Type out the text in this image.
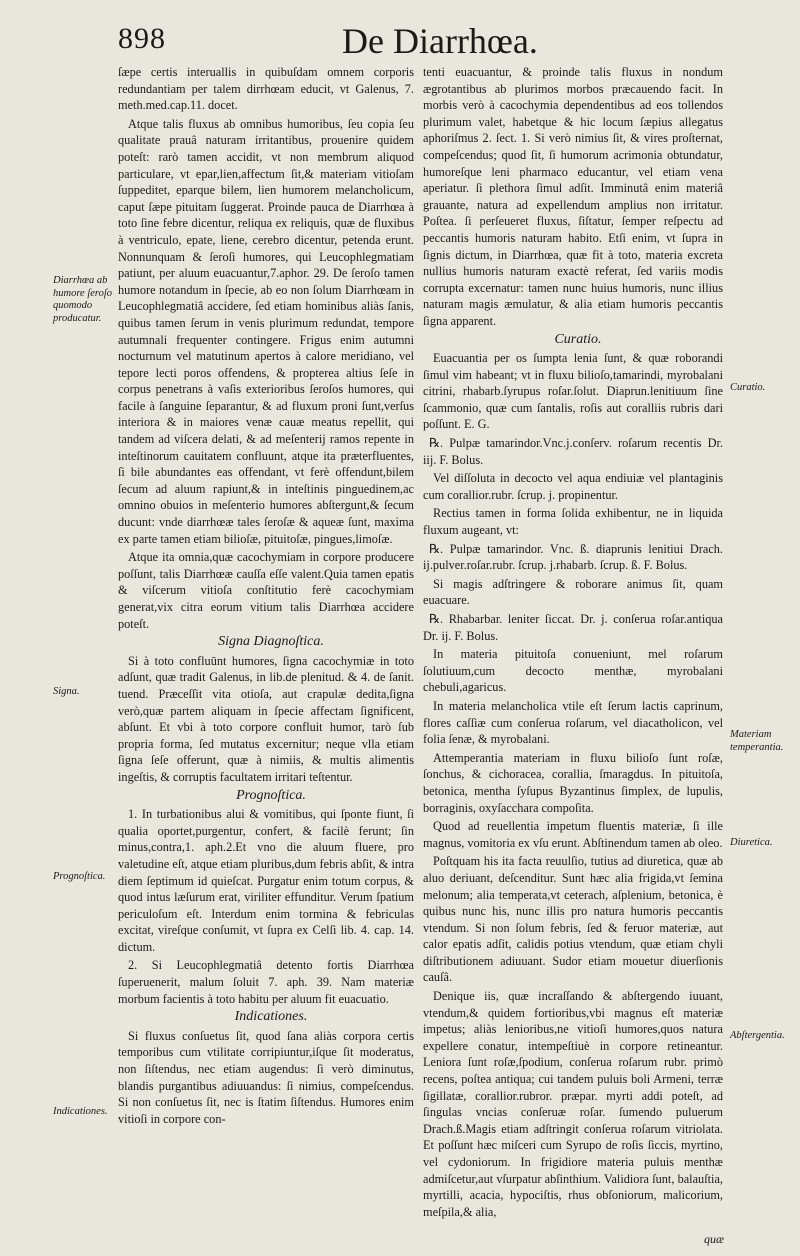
898	De Diarrhœa.

ſæpe certis interuallis in quibuſdam omnem corporis redundantiam per talem dirrhœam educit, vt Galenus, 7. meth.med.cap.11. docet.

Atque talis fluxus ab omnibus humoribus, ſeu copia ſeu qualitate prauâ naturam irritantibus, prouenire quidem poteſt: rarò tamen accidit, vt non membrum aliquod particulare, vt epar,lien,affectum ſit,& materiam vitioſam ſuppeditet, eparque bilem, lien humorem melancholicum, caput ſæpe pituitam ſuggerat. Proinde pauca de Diarrhœa à toto ſine febre dicentur, reliqua ex reliquis, quæ de fluxibus à ventriculo, epate, liene, cerebro dicentur, petenda erunt. Nonnunquam & ſeroſi humores, qui Leucophlegmatiam patiunt, per aluum euacuantur,7.aphor. 29. De ſeroſo tamen humore notandum in ſpecie, ab eo non ſolum Diarrhœam in Leucophlegmatiâ accidere, ſed etiam hominibus aliàs ſanis, quibus tamen ſerum in venis plurimum redundat, tempore autumnali frequenter contingere. Frigus enim autumni nocturnum vel matutinum apertos à calore meridiano, vel tepore lecti poros offendens, & propterea altius ſeſe in corpus penetrans à vaſis exterioribus ſeroſos humores, qui facile à ſanguine ſeparantur, & ad fluxum proni ſunt,verſus interiora & in maiores venæ cauæ meatus repellit, qui tandem ad viſcera delati, & ad meſenterij ramos repente in inteſtinorum cauitatem confluunt, atque ita præterfluentes, ſi bile abundantes eas offendant, vt ferè offendunt,bilem ſecum ad aluum rapiunt,& in inteſtinis pinguedinem,ac omnino obuios in meſenterio humores abſtergunt,& ſecum ducunt: vnde diarrhœæ tales ſeroſæ & aqueæ ſunt, maxima ex parte tamen etiam bilioſæ, pituitoſæ, pingues,limoſæ.

Atque ita omnia,quæ cacochymiam in corpore producere poſſunt, talis Diarrhœæ cauſſa eſſe valent.Quia tamen epatis & viſcerum vitioſa conſtitutio ferè cacochymiam generat,vix citra eorum vitium talis Diarrhœa accidere poteſt.

Signa Diagnoſtica.

Si à toto confluūnt humores, ſigna cacochymiæ in toto adſunt, quæ tradit Galenus, in lib.de plenitud. & 4. de ſanit. tuend. Præceſſit vita otioſa, aut crapulæ dedita,ſigna verò,quæ partem aliquam in ſpecie affectam ſignificent, abſunt. Et vbi à toto corpore confluit humor, tarò ſub propria forma, ſed mutatus excernitur; neque vlla etiam ſigna ſeſe offerunt, quæ à nimiis, & multis alimentis ingeſtis, & corruptis facultatem irritari teſtentur.

Prognoſtica.

1. In turbationibus alui & vomitibus, qui ſponte fiunt, ſi qualia oportet,purgentur, confert, & facilè ferunt; ſin minus,contra,1. aph.2.Et vno die aluum fluere, pro valetudine eſt, atque etiam pluribus,dum febris abſit, & intra diem ſeptimum id quieſcat. Purgatur enim totum corpus, & quod intus læſurum erat, viriliter effunditur. Verum ſpatium periculoſum eſt. Interdum enim tormina & febriculas excitat, vireſque conſumit, vt ſupra ex Celſi lib. 4. cap. 14. dictum.

2. Si Leucophlegmatiâ detento fortis Diarrhœa ſuperuenerit, malum ſoluit 7. aph. 39. Nam materiæ morbum facientis à toto habitu per aluum fit euacuatio.

Indicationes.

Si fluxus conſuetus ſit, quod ſana aliàs corpora certis temporibus cum vtilitate corripiuntur,iſque ſit moderatus, non ſiſtendus, nec etiam augendus: ſi verò diminutus, blandis purgantibus adiuuandus: ſi nimius, compeſcendus. Si non conſuetus ſit, nec is ſtatim ſiſtendus. Humores enim vitioſi in corpore con-

tenti euacuantur, & proinde talis fluxus in nondum ægrotantibus ab plurimos morbos præcauendo facit. In morbis verò à cacochymia dependentibus ad eos tollendos plurimum valet, habetque & hic locum ſæpius allegatus aphoriſmus 2. ſect. 1. Si verò nimius ſit, & vires proſternat, compeſcendus; quod ſit, ſi humorum acrimonia obtundatur, humoreſque leni pharmaco educantur, vel etiam vena aperiatur. ſi plethora ſimul adſit. Imminutâ enim materiâ grauante, natura ad expellendum amplius non irritatur. Poſtea. ſi perſeueret fluxus, ſiſtatur, ſemper reſpectu ad peccantis humoris naturam habito. Etſi enim, vt ſupra in ſignis dictum, in Diarrhœa, quæ fit à toto, materia excreta nullius humoris naturam exactè referat, ſed variis modis corrupta excernatur: tamen nunc huius humoris, nunc illius naturam magis æmulatur, & alia etiam humoris peccantis ſigna apparent.

Curatio.

Euacuantia per os ſumpta lenia ſunt, & quæ roborandi ſimul vim habeant; vt in fluxu bilioſo,tamarindi, myrobalani citrini, rhabarb.ſyrupus roſar.ſolut. Diaprun.lenitiuum ſine ſcammonio, quæ cum ſantalis, roſis aut coralliis rubris dari poſſunt. E. G.

℞. Pulpæ tamarindor.Vnc.j.conſerv. roſarum recentis Dr. iij. F. Bolus.

Vel diſſoluta in decocto vel aqua endiuiæ vel plantaginis cum corallior.rubr. ſcrup. j. propinentur.

Rectius tamen in forma ſolida exhibentur, ne in liquida fluxum augeant, vt:

℞. Pulpæ tamarindor. Vnc. ß. diaprunis lenitiui Drach. ij.pulver.roſar.rubr. ſcrup. j.rhabarb. ſcrup. ß. F. Bolus.

Si magis adſtringere & roborare animus ſit, quam euacuare.

℞. Rhabarbar. leniter ſiccat. Dr. j. conſerua roſar.antiqua Dr. ij. F. Bolus.

In materia pituitoſa conueniunt, mel roſarum ſolutiuum,cum decocto menthæ, myrobalani chebuli,agaricus.

In materia melancholica vtile eſt ſerum lactis caprinum, flores caſſiæ cum conſerua roſarum, vel diacatholicon, vel folia ſenæ, & myrobalani.

Attemperantia materiam in fluxu bilioſo ſunt roſæ, ſonchus, & cichoracea, corallia, ſmaragdus. In pituitoſa, betonica, mentha ſyſupus Byzantinus ſimplex, de lupulis, borraginis, oxyſacchara compoſita.

Quod ad reuellentia impetum fluentis materiæ, ſi ille magnus, vomitoria ex vſu erunt. Abſtinendum tamen ab oleo.

Poſtquam his ita facta reuulſio, tutius ad diuretica, quæ ab aluo deriuant, deſcenditur. Sunt hæc alia frigida,vt ſemina melonum; alia temperata,vt ceterach, aſplenium, betonica, è quibus nunc his, nunc illis pro natura humoris peccantis vtendum. Si non ſolum febris, ſed & feruor materiæ, aut calor epatis adſit, calidis potius vtendum, quæ etiam chyli diſtributionem adiuuant. Sudor etiam mouetur diuerſionis cauſâ.

Denique iis, quæ incraſſando & abſtergendo iuuant, vtendum,& quidem fortioribus,vbi magnus eſt materiæ impetus; aliàs lenioribus,ne vitioſi humores,quos natura expellere conatur, intempeſtiuè in corpore retineantur. Leniora ſunt roſæ,ſpodium, conſerua roſarum rubr. primò recens, poſtea antiqua; cui tandem puluis boli Armeni, terræ ſigillatæ, corallior.rubror. præpar. myrti addi poteſt, ad ſingulas vncias conſeruæ roſar. ſumendo puluerum Drach.ß.Magis etiam adſtringit conſerua roſarum vitriolata. Et poſſunt hæc miſceri cum Syrupo de roſis ſiccis, myrtino, vel cydoniorum. In frigidiore materia puluis menthæ admiſcetur,aut vſurpatur abſinthium. Validiora ſunt, balauſtia, myrtilli, acacia, hypociſtis, rhus obſoniorum, malicorium, meſpila,& alia,

Diarrhœa ab humore ſeroſo quomodo producatur.
Signa.
Prognoſtica.
Indicationes.
Curatio.
Materiam temperantia.
Diuretica.
Abſtergentia.
quæ
